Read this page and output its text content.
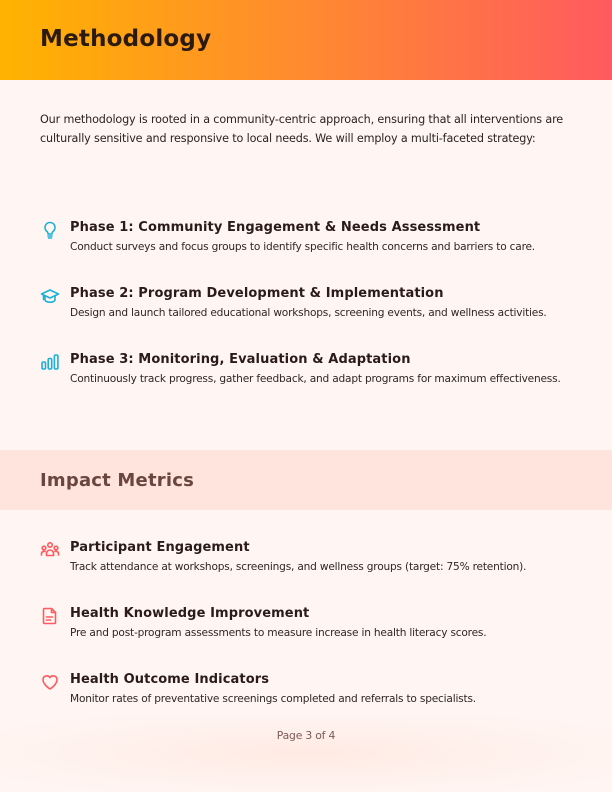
Methodology

Our methodology is rooted in a community-centric approach, ensuring that all interventions are culturally sensitive and responsive to local needs. We will employ a multi-faceted strategy:

Phase 1: Community Engagement & Needs Assessment

Conduct surveys and focus groups to identify specific health concerns and barriers to care.

Phase 2: Program Development & Implementation

Design and launch tailored educational workshops, screening events, and wellness activities.

Phase 3: Monitoring, Evaluation & Adaptation

Continuously track progress, gather feedback, and adapt programs for maximum effectiveness.

Impact Metrics

Participant Engagement

Track attendance at workshops, screenings, and wellness groups (target: 75% retention).

Health Knowledge Improvement

Pre and post-program assessments to measure increase in health literacy scores.

Health Outcome Indicators

Monitor rates of preventative screenings completed and referrals to specialists.

Page 3 of 4
